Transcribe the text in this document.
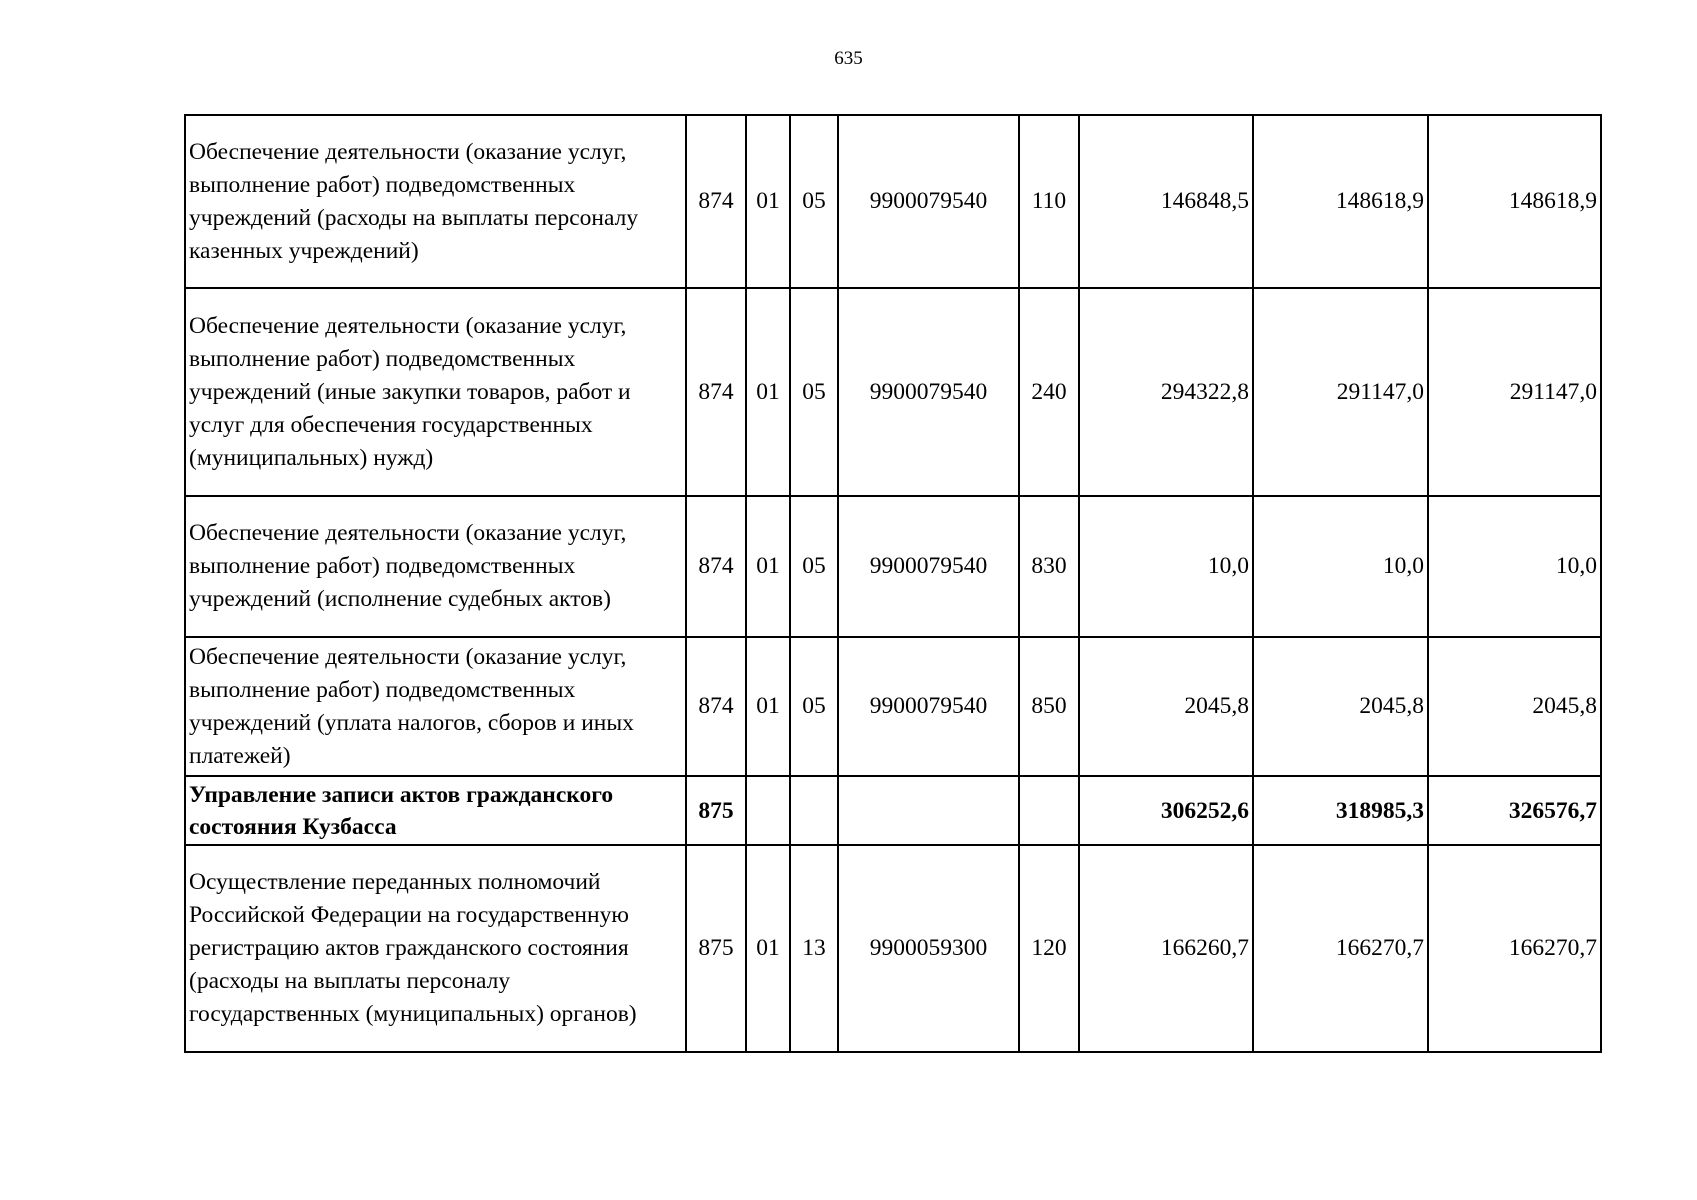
635
Обеспечение деятельности (оказание услуг, выполнение работ) подведомственных учреждений (расходы на выплаты персоналу казенных учреждений)	874	01	05	9900079540	110	146848,5	148618,9	148618,9
Обеспечение деятельности (оказание услуг, выполнение работ) подведомственных учреждений (иные закупки товаров, работ и услуг для обеспечения государственных (муниципальных) нужд)	874	01	05	9900079540	240	294322,8	291147,0	291147,0
Обеспечение деятельности (оказание услуг, выполнение работ) подведомственных учреждений (исполнение судебных актов)	874	01	05	9900079540	830	10,0	10,0	10,0
Обеспечение деятельности (оказание услуг, выполнение работ) подведомственных учреждений (уплата налогов, сборов и иных платежей)	874	01	05	9900079540	850	2045,8	2045,8	2045,8
Управление записи актов гражданского состояния Кузбасса	875					306252,6	318985,3	326576,7
Осуществление переданных полномочий Российской Федерации на государственную регистрацию актов гражданского состояния (расходы на выплаты персоналу государственных (муниципальных) органов)	875	01	13	9900059300	120	166260,7	166270,7	166270,7
